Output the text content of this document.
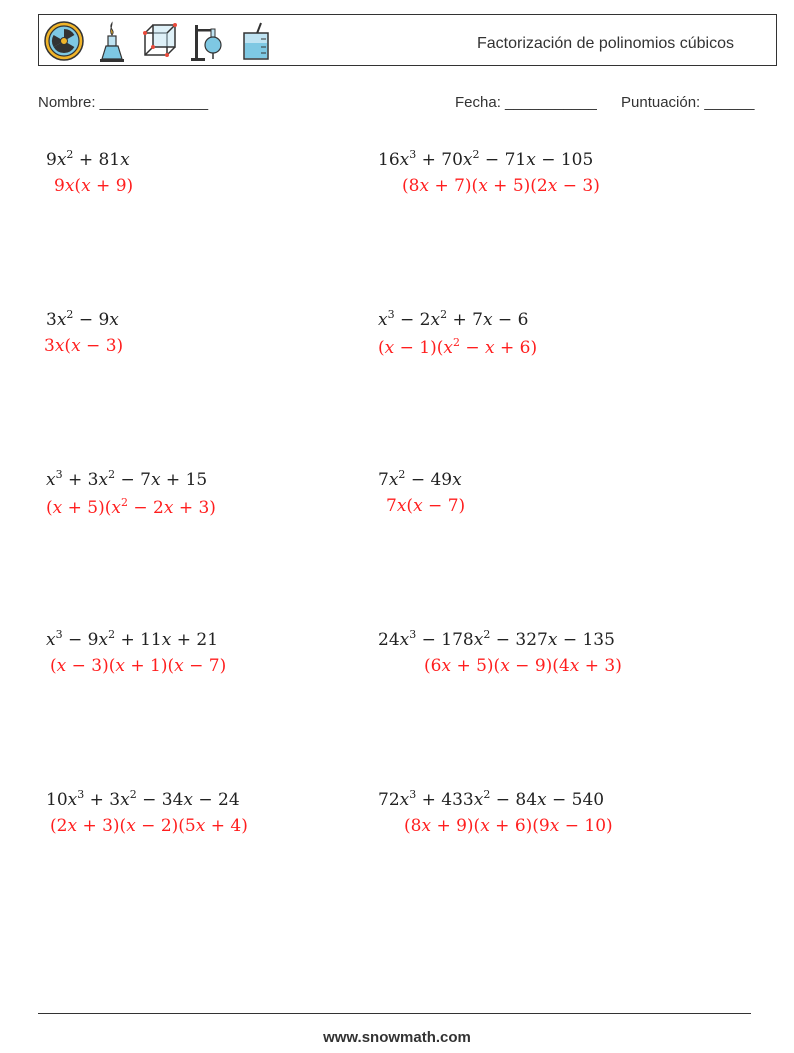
Factorización de polinomios cúbicos
Nombre: _____________	Fecha: ___________ Puntuación: ______
$9x^2 + 81x$
9x(x + 9)
$16x^3 + 70x^2 - 71x - 105$
(8x + 7)(x + 5)(2x − 3)
$3x^2 - 9x$
3x(x − 3)
$x^3 - 2x^2 + 7x - 6$
$(x - 1)(x^2 - x + 6)$
$x^3 + 3x^2 - 7x + 15$
$(x + 5)(x^2 - 2x + 3)$
$7x^2 - 49x$
7x(x − 7)
$x^3 - 9x^2 + 11x + 21$
(x − 3)(x + 1)(x − 7)
$24x^3 - 178x^2 - 327x - 135$
(6x + 5)(x − 9)(4x + 3)
$10x^3 + 3x^2 - 34x - 24$
(2x + 3)(x − 2)(5x + 4)
$72x^3 + 433x^2 - 84x - 540$
(8x + 9)(x + 6)(9x − 10)
www.snowmath.com
